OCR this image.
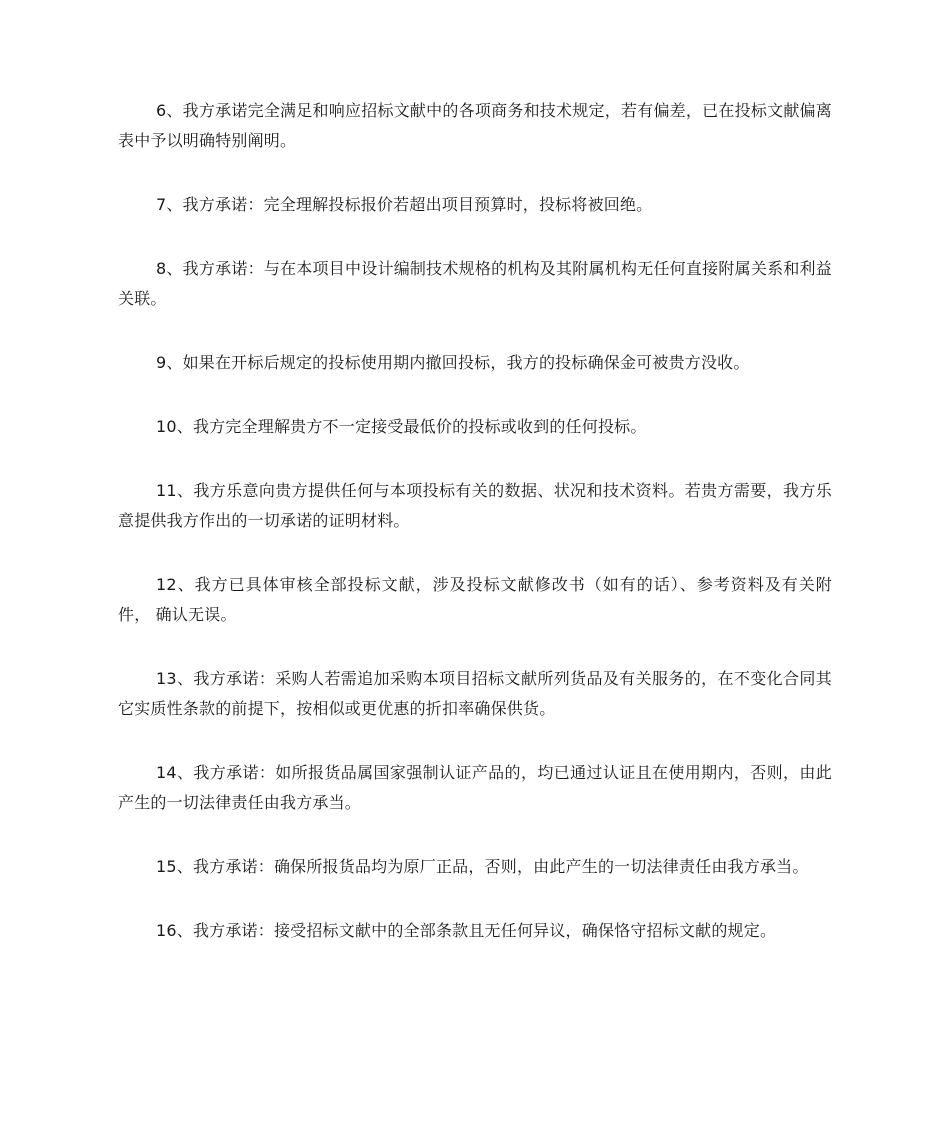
6、我方承诺完全满足和响应招标文献中的各项商务和技术规定，若有偏差，已在投标文献偏离表中予以明确特别阐明。

7、我方承诺：完全理解投标报价若超出项目预算时，投标将被回绝。

8、我方承诺：与在本项目中设计编制技术规格的机构及其附属机构无任何直接附属关系和利益关联。

9、如果在开标后规定的投标使用期内撤回投标，我方的投标确保金可被贵方没收。

10、我方完全理解贵方不一定接受最低价的投标或收到的任何投标。

11、我方乐意向贵方提供任何与本项投标有关的数据、状况和技术资料。若贵方需要，我方乐意提供我方作出的一切承诺的证明材料。

12、我方已具体审核全部投标文献，涉及投标文献修改书（如有的话）、参考资料及有关附件， 确认无误。

13、我方承诺：采购人若需追加采购本项目招标文献所列货品及有关服务的，在不变化合同其它实质性条款的前提下，按相似或更优惠的折扣率确保供货。

14、我方承诺：如所报货品属国家强制认证产品的，均已通过认证且在使用期内，否则，由此产生的一切法律责任由我方承当。

15、我方承诺：确保所报货品均为原厂正品，否则，由此产生的一切法律责任由我方承当。

16、我方承诺：接受招标文献中的全部条款且无任何异议，确保恪守招标文献的规定。
